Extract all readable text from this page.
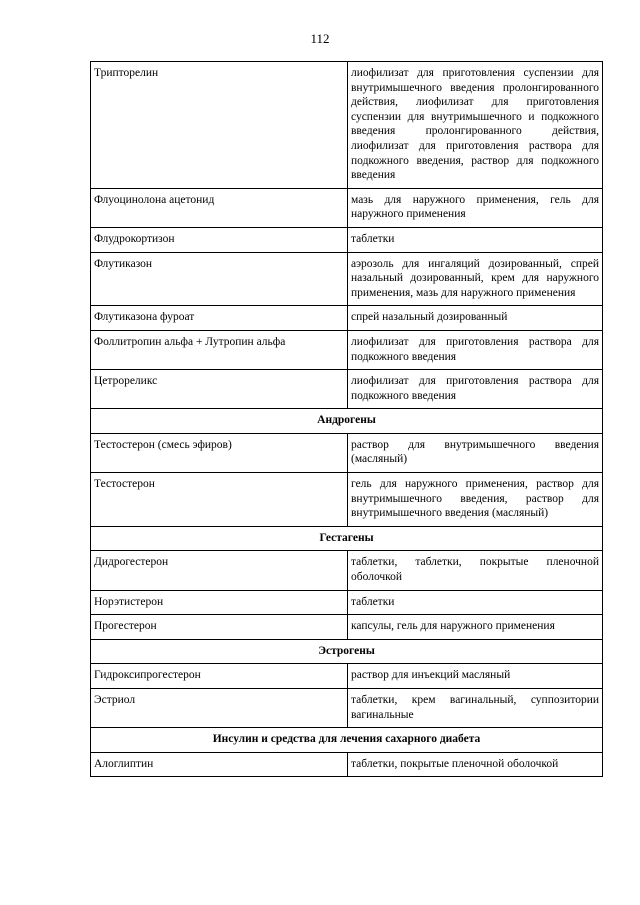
112
Трипторелин	лиофилизат для приготовления суспензии для внутримышечного введения пролонгированного действия, лиофилизат для приготовления суспензии для внутримышечного и подкожного введения пролонгированного действия, лиофилизат для приготовления раствора для подкожного введения, раствор для подкожного введения
Флуоцинолона ацетонид	мазь для наружного применения, гель для наружного применения
Флудрокортизон	таблетки
Флутиказон	аэрозоль для ингаляций дозированный, спрей назальный дозированный, крем для наружного применения, мазь для наружного применения
Флутиказона фуроат	спрей назальный дозированный
Фоллитропин альфа + Лутропин альфа	лиофилизат для приготовления раствора для подкожного введения
Цетрореликс	лиофилизат для приготовления раствора для подкожного введения
Андрогены	
Тестостерон (смесь эфиров)	раствор для внутримышечного введения (масляный)
Тестостерон	гель для наружного применения, раствор для внутримышечного введения, раствор для внутримышечного введения (масляный)
Гестагены	
Дидрогестерон	таблетки, таблетки, покрытые пленочной оболочкой
Норэтистерон	таблетки
Прогестерон	капсулы, гель для наружного применения
Эстрогены	
Гидроксипрогестерон	раствор для инъекций масляный
Эстриол	таблетки, крем вагинальный, суппозитории вагинальные
Инсулин и средства для лечения сахарного диабета	
Алоглиптин	таблетки, покрытые пленочной оболочкой
